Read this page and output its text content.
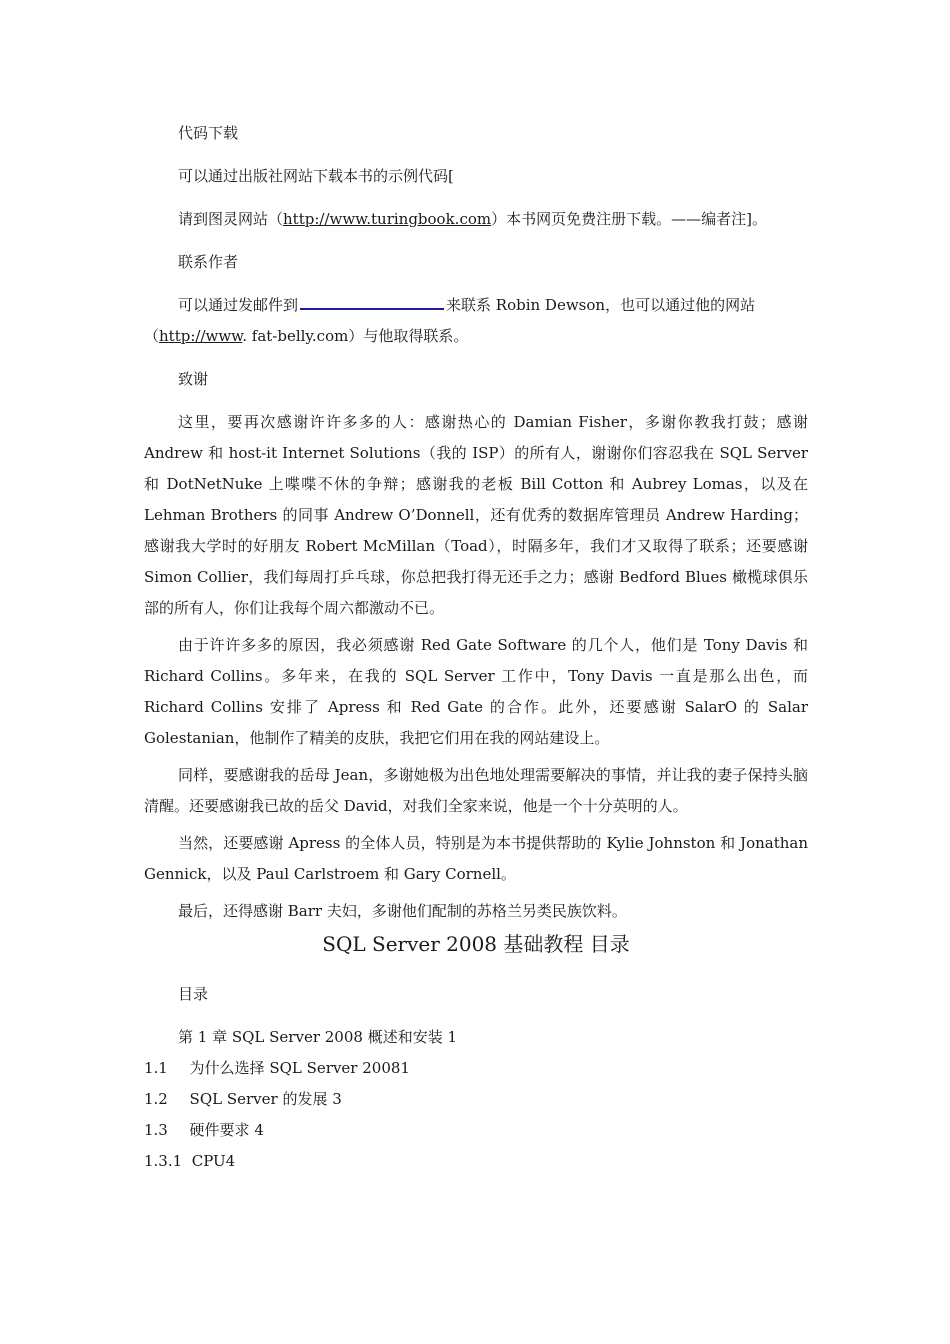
代码下载

可以通过出版社网站下载本书的示例代码[

请到图灵网站（http://www.turingbook.com）本书网页免费注册下载。——编者注]。

联系作者

可以通过发邮件到	来联系 Robin Dewson，也可以通过他的网站

（http://www. fat-belly.com）与他取得联系。

致谢

这里，要再次感谢许许多多的人：感谢热心的 Damian Fisher，多谢你教我打鼓；感谢 Andrew 和 host-it Internet Solutions（我的 ISP）的所有人，谢谢你们容忍我在 SQL Server 和 DotNetNuke 上喋喋不休的争辩；感谢我的老板 Bill Cotton 和 Aubrey Lomas，以及在 Lehman Brothers 的同事 Andrew O’Donnell，还有优秀的数据库管理员 Andrew Harding；感谢我大学时的好朋友 Robert McMillan（Toad），时隔多年，我们才又取得了联系；还要感谢 Simon Collier，我们每周打乒乓球，你总把我打得无还手之力；感谢 Bedford Blues 橄榄球俱乐部的所有人，你们让我每个周六都激动不已。

由于许许多多的原因，我必须感谢 Red Gate Software 的几个人，他们是 Tony Davis 和 Richard Collins。多年来，在我的 SQL Server 工作中，Tony Davis 一直是那么出色，而 Richard Collins 安排了 Apress 和 Red Gate 的合作。此外，还要感谢 SalarO 的 Salar Golestanian，他制作了精美的皮肤，我把它们用在我的网站建设上。

同样，要感谢我的岳母 Jean，多谢她极为出色地处理需要解决的事情，并让我的妻子保持头脑清醒。还要感谢我已故的岳父 David，对我们全家来说，他是一个十分英明的人。

当然，还要感谢 Apress 的全体人员，特别是为本书提供帮助的 Kylie Johnston 和 Jonathan Gennick，以及 Paul Carlstroem 和 Gary Cornell。

最后，还得感谢 Barr 夫妇，多谢他们配制的苏格兰另类民族饮料。

SQL Server 2008 基础教程 目录

目录

第 1 章 SQL Server 2008 概述和安装 1

1.1 为什么选择 SQL Server 20081

1.2 SQL Server 的发展 3

1.3 硬件要求 4

1.3.1 CPU4
